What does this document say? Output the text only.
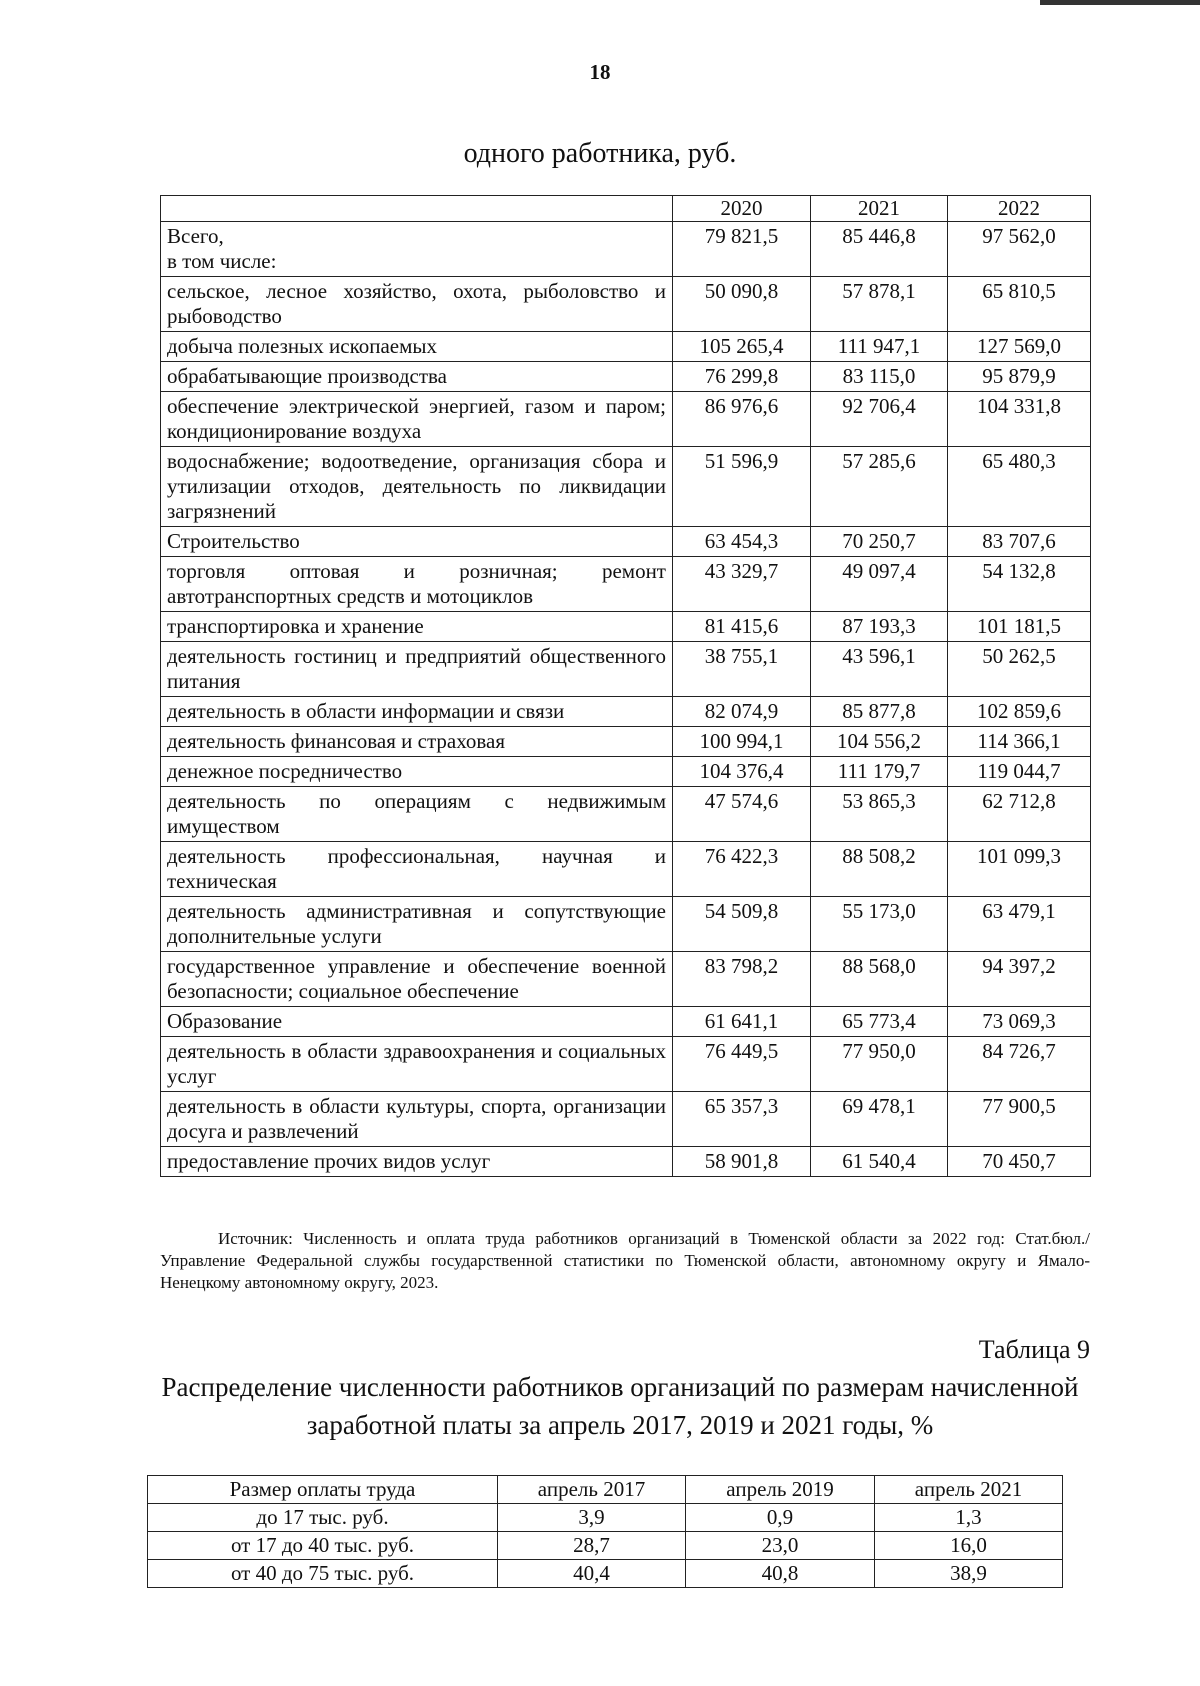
18
одного работника, руб.
	2020	2021	2022
Всего,
в том числе:	79 821,5	85 446,8	97 562,0
сельское, лесное хозяйство, охота, рыболовство и рыбоводство	50 090,8	57 878,1	65 810,5
добыча полезных ископаемых	105 265,4	111 947,1	127 569,0
обрабатывающие производства	76 299,8	83 115,0	95 879,9
обеспечение электрической энергией, газом и паром; кондиционирование воздуха	86 976,6	92 706,4	104 331,8
водоснабжение; водоотведение, организация сбора и утилизации отходов, деятельность по ликвидации загрязнений	51 596,9	57 285,6	65 480,3
Строительство	63 454,3	70 250,7	83 707,6
торговля оптовая и розничная; ремонт автотранспортных средств и мотоциклов	43 329,7	49 097,4	54 132,8
транспортировка и хранение	81 415,6	87 193,3	101 181,5
деятельность гостиниц и предприятий общественного питания	38 755,1	43 596,1	50 262,5
деятельность в области информации и связи	82 074,9	85 877,8	102 859,6
деятельность финансовая и страховая	100 994,1	104 556,2	114 366,1
денежное посредничество	104 376,4	111 179,7	119 044,7
деятельность по операциям с недвижимым имуществом	47 574,6	53 865,3	62 712,8
деятельность профессиональная, научная и техническая	76 422,3	88 508,2	101 099,3
деятельность административная и сопутствующие дополнительные услуги	54 509,8	55 173,0	63 479,1
государственное управление и обеспечение военной безопасности; социальное обеспечение	83 798,2	88 568,0	94 397,2
Образование	61 641,1	65 773,4	73 069,3
деятельность в области здравоохранения и социальных услуг	76 449,5	77 950,0	84 726,7
деятельность в области культуры, спорта, организации досуга и развлечений	65 357,3	69 478,1	77 900,5
предоставление прочих видов услуг	58 901,8	61 540,4	70 450,7
Источник: Численность и оплата труда работников организаций в Тюменской области за 2022 год: Стат.бюл./ Управление Федеральной службы государственной статистики по Тюменской области, автономному округу и Ямало-Ненецкому автономному округу, 2023.
Таблица 9
Распределение численности работников организаций по размерам начисленной заработной платы за апрель 2017, 2019 и 2021 годы, %
Размер оплаты труда	апрель 2017	апрель 2019	апрель 2021
до 17 тыс. руб.	3,9	0,9	1,3
от 17 до 40 тыс. руб.	28,7	23,0	16,0
от 40 до 75 тыс. руб.	40,4	40,8	38,9
